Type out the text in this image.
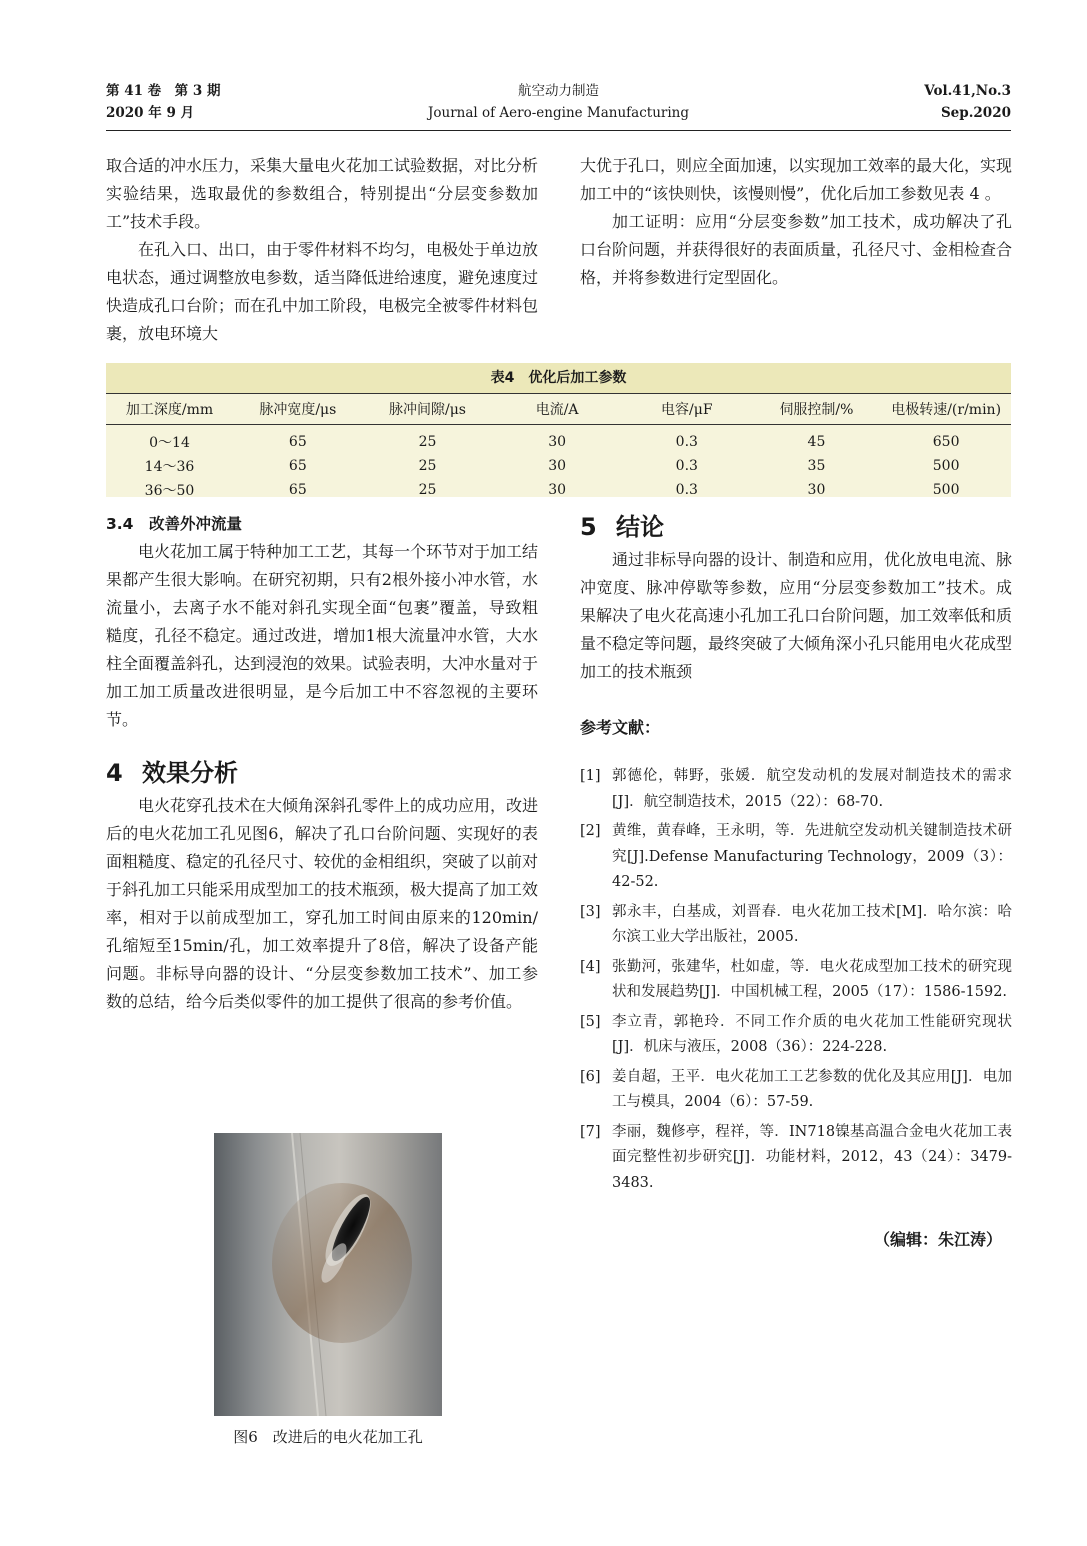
第 41 卷　第 3 期
2020 年 9 月
航空动力制造
Journal of Aero-engine Manufacturing
Vol.41,No.3
Sep.2020

取合适的冲水压力，采集大量电火花加工试验数据，对比分析实验结果，选取最优的参数组合，特别提出“分层变参数加工”技术手段。

在孔入口、出口，由于零件材料不均匀，电极处于单边放电状态，通过调整放电参数，适当降低进给速度，避免速度过快造成孔口台阶；而在孔中加工阶段，电极完全被零件材料包裹，放电环境大

大优于孔口，则应全面加速，以实现加工效率的最大化，实现加工中的“该快则快，该慢则慢”，优化后加工参数见表 4 。

加工证明：应用“分层变参数”加工技术，成功解决了孔口台阶问题，并获得很好的表面质量，孔径尺寸、金相检查合格，并将参数进行定型固化。

表4　优化后加工参数
加工深度/mm	脉冲宽度/μs	脉冲间隙/μs	电流/A	电容/μF	伺服控制/%	电极转速/(r/min)
0～14	65	25	30	0.3	45	650
14～36	65	25	30	0.3	35	500
36～50	65	25	30	0.3	30	500
3.4　改善外冲流量

电火花加工属于特种加工工艺，其每一个环节对于加工结果都产生很大影响。在研究初期，只有2根外接小冲水管，水流量小，去离子水不能对斜孔实现全面“包裹”覆盖，导致粗糙度，孔径不稳定。通过改进，增加1根大流量冲水管，大水柱全面覆盖斜孔，达到浸泡的效果。试验表明，大冲水量对于加工加工质量改进很明显，是今后加工中不容忽视的主要环节。

4 效果分析

电火花穿孔技术在大倾角深斜孔零件上的成功应用，改进后的电火花加工孔见图6，解决了孔口台阶问题、实现好的表面粗糙度、稳定的孔径尺寸、较优的金相组织，突破了以前对于斜孔加工只能采用成型加工的技术瓶颈，极大提高了加工效率，相对于以前成型加工，穿孔加工时间由原来的120min/孔缩短至15min/孔，加工效率提升了8倍，解决了设备产能问题。非标导向器的设计、“分层变参数加工技术”、加工参数的总结，给今后类似零件的加工提供了很高的参考价值。

图6　改进后的电火花加工孔
5 结论

通过非标导向器的设计、制造和应用，优化放电电流、脉冲宽度、脉冲停歇等参数，应用“分层变参数加工”技术。成果解决了电火花高速小孔加工孔口台阶问题，加工效率低和质量不稳定等问题，最终突破了大倾角深小孔只能用电火花成型加工的技术瓶颈

参考文献：
[1] 郭德伦，韩野，张媛．航空发动机的发展对制造技术的需求[J]．航空制造技术，2015（22）：68-70.
[2] 黄维，黄春峰，王永明，等．先进航空发动机关键制造技术研究[J].Defense Manufacturing Technology，2009（3）：42-52.
[3] 郭永丰，白基成，刘晋春．电火花加工技术[M]．哈尔滨：哈尔滨工业大学出版社，2005.
[4] 张勤河，张建华，杜如虚，等．电火花成型加工技术的研究现状和发展趋势[J]．中国机械工程，2005（17）：1586-1592.
[5] 李立青，郭艳玲．不同工作介质的电火花加工性能研究现状[J]．机床与液压，2008（36）：224-228.
[6] 姜自超，王平．电火花加工工艺参数的优化及其应用[J]．电加工与模具，2004（6）：57-59.
[7] 李丽，魏修亭，程祥，等．IN718镍基高温合金电火花加工表面完整性初步研究[J]．功能材料，2012，43（24）：3479-3483.
（编辑：朱江涛）
